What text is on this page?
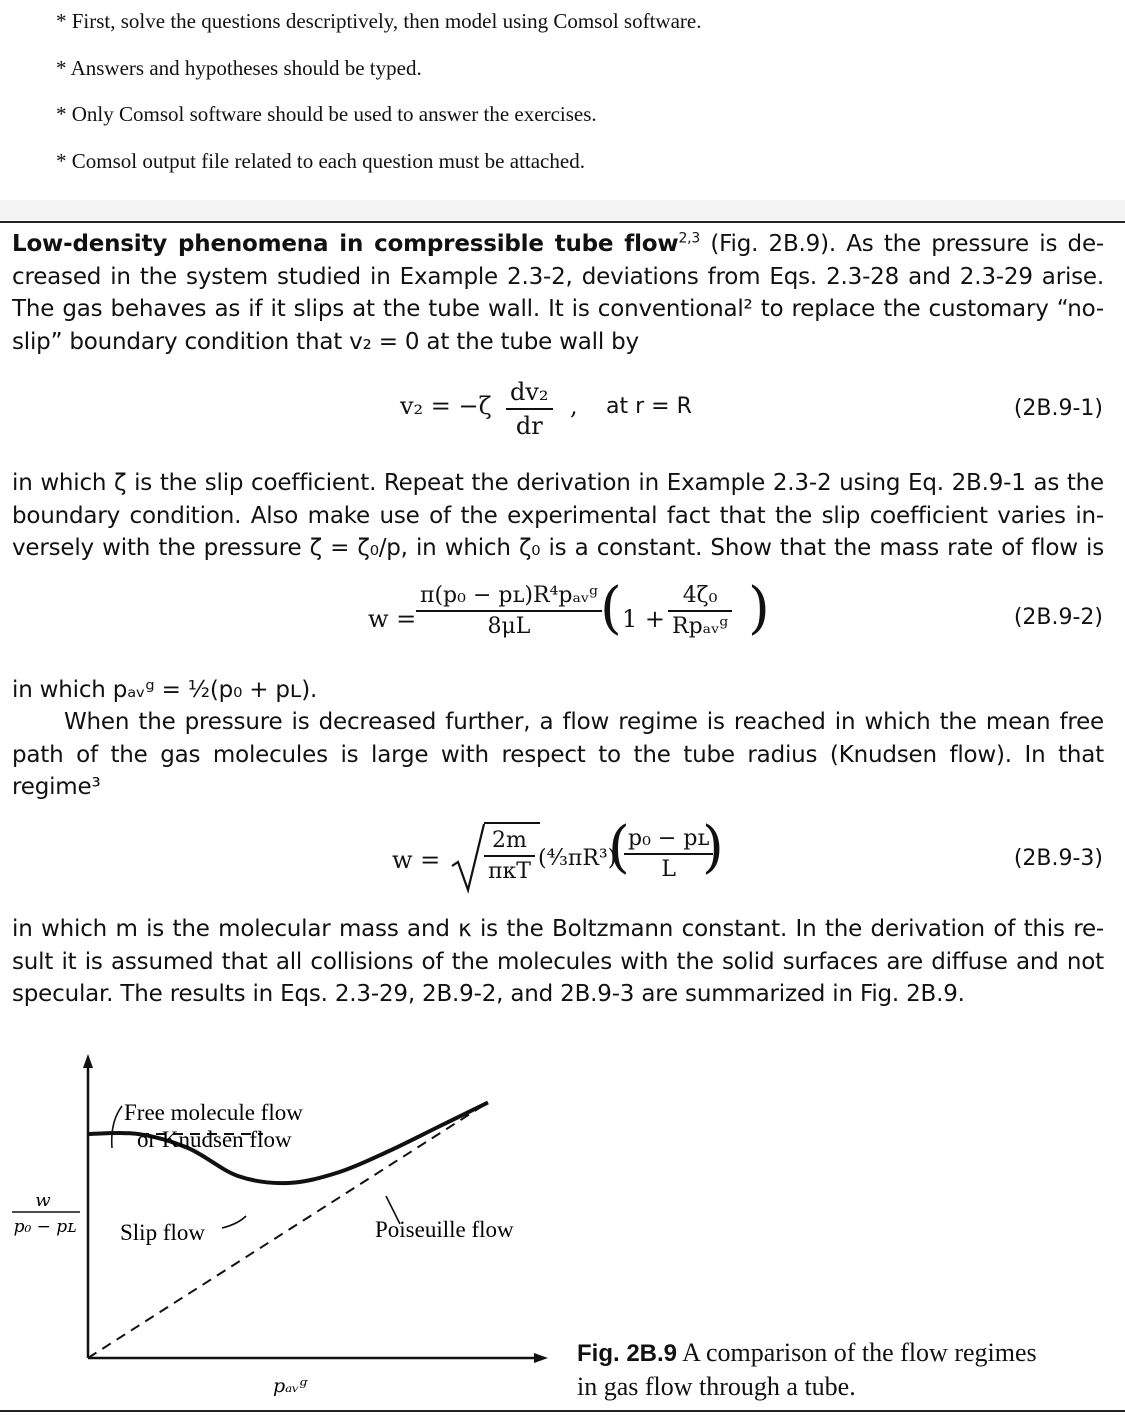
* First, solve the questions descriptively, then model using Comsol software.
* Answers and hypotheses should be typed.
* Only Comsol software should be used to answer the exercises.
* Comsol output file related to each question must be attached.
Low-density phenomena in compressible tube flow$^{2,3}$ (Fig. 2B.9). As the pressure is de-
creased in the system studied in Example 2.3-2, deviations from Eqs. 2.3-28 and 2.3-29 arise.
The gas behaves as if it slips at the tube wall. It is conventional² to replace the customary “no-
slip” boundary condition that v₂ = 0 at the tube wall by
$v_2 = -\zeta \frac{\text{dv₂}}{dr}$ , at r = R	(2B.9-1)
in which ζ is the slip coefficient. Repeat the derivation in Example 2.3-2 using Eq. 2B.9-1 as the
boundary condition. Also make use of the experimental fact that the slip coefficient varies in-
versely with the pressure ζ = ζ₀/p, in which ζ₀ is a constant. Show that the mass rate of flow is
w =
π(p₀ − pʟ)R⁴pₐᵥᵍ
8μL	( 1 +
4ζ₀
Rpₐᵥᵍ )	(2B.9-2)
in which pₐᵥᵍ = ½(p₀ + pʟ).
When the pressure is decreased further, a flow regime is reached in which the mean free
path of the gas molecules is large with respect to the tube radius (Knudsen flow). In that
regime³
w =
2m
πκT
(⁴⁄₃πR³)
(
$\frac{\text{p₀ − pʟ}}{L}$
)	(2B.9-3)
in which m is the molecular mass and κ is the Boltzmann constant. In the derivation of this re-
sult it is assumed that all collisions of the molecules with the solid surfaces are diffuse and not
specular. The results in Eqs. 2.3-29, 2B.9-2, and 2B.9-3 are summarized in Fig. 2B.9.
Free molecule flow
or Knudsen flow
Slip flow	Poiseuille flow
w
p₀ − pʟ
pₐᵥᵍ
Fig. 2B.9 A comparison of the flow regimes
in gas flow through a tube.
